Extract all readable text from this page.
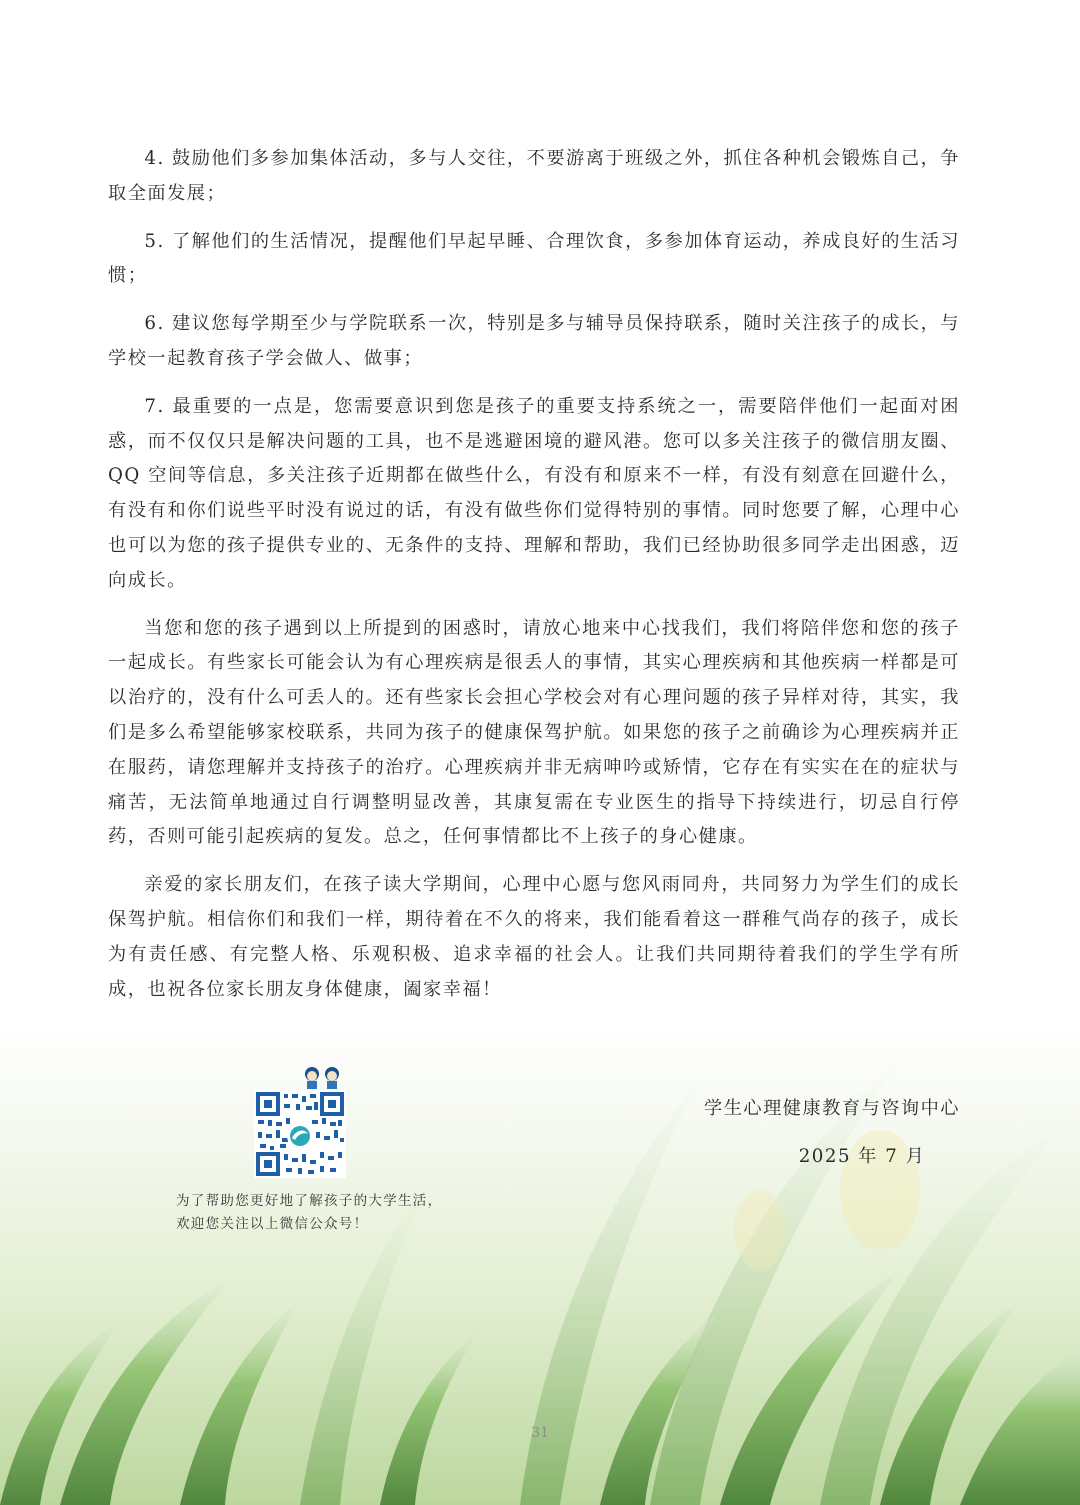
4. 鼓励他们多参加集体活动，多与人交往，不要游离于班级之外，抓住各种机会锻炼自己，争取全面发展；

5. 了解他们的生活情况，提醒他们早起早睡、合理饮食，多参加体育运动，养成良好的生活习惯；

6. 建议您每学期至少与学院联系一次，特别是多与辅导员保持联系，随时关注孩子的成长，与学校一起教育孩子学会做人、做事；

7. 最重要的一点是，您需要意识到您是孩子的重要支持系统之一，需要陪伴他们一起面对困惑，而不仅仅只是解决问题的工具，也不是逃避困境的避风港。您可以多关注孩子的微信朋友圈、QQ 空间等信息，多关注孩子近期都在做些什么，有没有和原来不一样，有没有刻意在回避什么，有没有和你们说些平时没有说过的话，有没有做些你们觉得特别的事情。同时您要了解，心理中心也可以为您的孩子提供专业的、无条件的支持、理解和帮助，我们已经协助很多同学走出困惑，迈向成长。

当您和您的孩子遇到以上所提到的困惑时，请放心地来中心找我们，我们将陪伴您和您的孩子一起成长。有些家长可能会认为有心理疾病是很丢人的事情，其实心理疾病和其他疾病一样都是可以治疗的，没有什么可丢人的。还有些家长会担心学校会对有心理问题的孩子异样对待，其实，我们是多么希望能够家校联系，共同为孩子的健康保驾护航。如果您的孩子之前确诊为心理疾病并正在服药，请您理解并支持孩子的治疗。心理疾病并非无病呻吟或矫情，它存在有实实在在的症状与痛苦，无法简单地通过自行调整明显改善，其康复需在专业医生的指导下持续进行，切忌自行停药，否则可能引起疾病的复发。总之，任何事情都比不上孩子的身心健康。

亲爱的家长朋友们，在孩子读大学期间，心理中心愿与您风雨同舟，共同努力为学生们的成长保驾护航。相信你们和我们一样，期待着在不久的将来，我们能看着这一群稚气尚存的孩子，成长为有责任感、有完整人格、乐观积极、追求幸福的社会人。让我们共同期待着我们的学生学有所成，也祝各位家长朋友身体健康，阖家幸福！

为了帮助您更好地了解孩子的大学生活，欢迎您关注以上微信公众号！
学生心理健康教育与咨询中心
2025 年 7 月
31
